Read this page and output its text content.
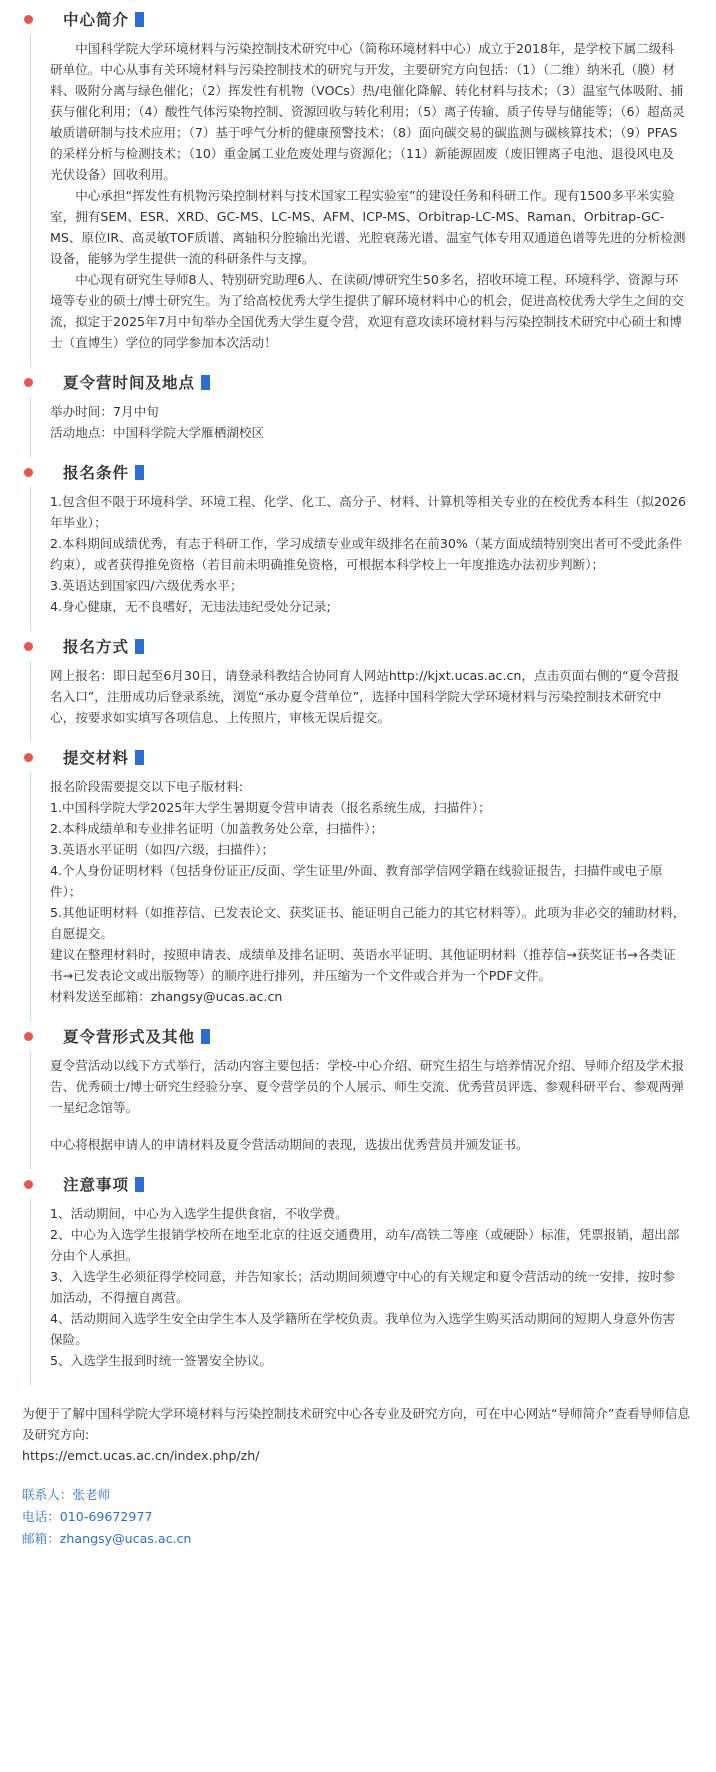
中心简介

中国科学院大学环境材料与污染控制技术研究中心（简称环境材料中心）成立于2018年，是学校下属二级科研单位。中心从事有关环境材料与污染控制技术的研究与开发，主要研究方向包括：（1）（二维）纳米孔（膜）材料、吸附分离与绿色催化；（2）挥发性有机物（VOCs）热/电催化降解、转化材料与技术；（3）温室气体吸附、捕获与催化利用；（4）酸性气体污染物控制、资源回收与转化利用；（5）离子传输、质子传导与储能等；（6）超高灵敏质谱研制与技术应用；（7）基于呼气分析的健康预警技术；（8）面向碳交易的碳监测与碳核算技术；（9）PFAS的采样分析与检测技术；（10）重金属工业危废处理与资源化；（11）新能源固废（废旧锂离子电池、退役风电及光伏设备）回收利用。

中心承担“挥发性有机物污染控制材料与技术国家工程实验室”的建设任务和科研工作。现有1500多平米实验室，拥有SEM、ESR、XRD、GC-MS、LC-MS、AFM、ICP-MS、Orbitrap-LC-MS、Raman、Orbitrap-GC-MS、原位IR、高灵敏TOF质谱、离轴积分腔输出光谱、光腔衰荡光谱、温室气体专用双通道色谱等先进的分析检测设备，能够为学生提供一流的科研条件与支撑。

中心现有研究生导师8人、特别研究助理6人、在读硕/博研究生50多名，招收环境工程、环境科学、资源与环境等专业的硕士/博士研究生。为了给高校优秀大学生提供了解环境材料中心的机会，促进高校优秀大学生之间的交流，拟定于2025年7月中旬举办全国优秀大学生夏令营，欢迎有意攻读环境材料与污染控制技术研究中心硕士和博士（直博生）学位的同学参加本次活动！

夏令营时间及地点

举办时间：7月中旬

活动地点：中国科学院大学雁栖湖校区

报名条件

1.包含但不限于环境科学、环境工程、化学、化工、高分子、材料、计算机等相关专业的在校优秀本科生（拟2026年毕业）；

2.本科期间成绩优秀，有志于科研工作，学习成绩专业或年级排名在前30%（某方面成绩特别突出者可不受此条件约束），或者获得推免资格（若目前未明确推免资格，可根据本科学校上一年度推选办法初步判断）；

3.英语达到国家四/六级优秀水平；

4.身心健康，无不良嗜好，无违法违纪受处分记录;

报名方式

网上报名：即日起至6月30日，请登录科教结合协同育人网站http://kjxt.ucas.ac.cn，点击页面右侧的“夏令营报名入口”，注册成功后登录系统，浏览“承办夏令营单位”，选择中国科学院大学环境材料与污染控制技术研究中心，按要求如实填写各项信息、上传照片，审核无误后提交。

提交材料

报名阶段需要提交以下电子版材料:

1.中国科学院大学2025年大学生暑期夏令营申请表（报名系统生成，扫描件）；

2.本科成绩单和专业排名证明（加盖教务处公章，扫描件）；

3.英语水平证明（如四/六级，扫描件）；

4.个人身份证明材料（包括身份证正/反面、学生证里/外面、教育部学信网学籍在线验证报告，扫描件或电子原件）；

5.其他证明材料（如推荐信、已发表论文、获奖证书、能证明自己能力的其它材料等）。此项为非必交的辅助材料，自愿提交。

建议在整理材料时，按照申请表、成绩单及排名证明、英语水平证明、其他证明材料（推荐信→获奖证书→各类证书→已发表论文或出版物等）的顺序进行排列，并压缩为一个文件或合并为一个PDF文件。

材料发送至邮箱：zhangsy@ucas.ac.cn

夏令营形式及其他

夏令营活动以线下方式举行，活动内容主要包括：学校-中心介绍、研究生招生与培养情况介绍、导师介绍及学术报告、优秀硕士/博士研究生经验分享、夏令营学员的个人展示、师生交流、优秀营员评选、参观科研平台、参观两弹一星纪念馆等。

中心将根据申请人的申请材料及夏令营活动期间的表现，选拔出优秀营员并颁发证书。

注意事项

1、活动期间，中心为入选学生提供食宿，不收学费。

2、中心为入选学生报销学校所在地至北京的往返交通费用，动车/高铁二等座（或硬卧）标准，凭票报销，超出部分由个人承担。

3、入选学生必须征得学校同意，并告知家长；活动期间须遵守中心的有关规定和夏令营活动的统一安排，按时参加活动，不得擅自离营。

4、活动期间入选学生安全由学生本人及学籍所在学校负责。我单位为入选学生购买活动期间的短期人身意外伤害保险。

5、入选学生报到时统一签署安全协议。

为便于了解中国科学院大学环境材料与污染控制技术研究中心各专业及研究方向，可在中心网站“导师简介”查看导师信息及研究方向:

https://emct.ucas.ac.cn/index.php/zh/

联系人：张老师

电话：010-69672977

邮箱：zhangsy@ucas.ac.cn
